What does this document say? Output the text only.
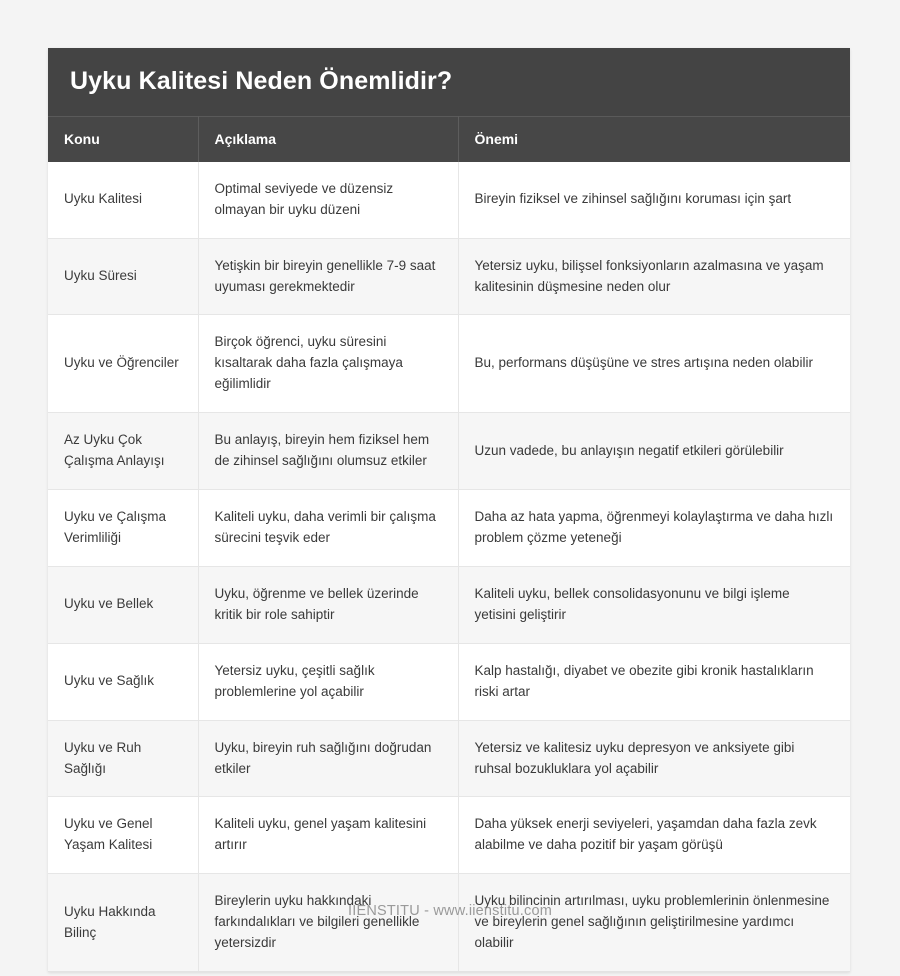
Uyku Kalitesi Neden Önemlidir?
Konu	Açıklama	Önemi
Uyku Kalitesi	Optimal seviyede ve düzensiz olmayan bir uyku düzeni	Bireyin fiziksel ve zihinsel sağlığını koruması için şart
Uyku Süresi	Yetişkin bir bireyin genellikle 7-9 saat uyuması gerekmektedir	Yetersiz uyku, bilişsel fonksiyonların azalmasına ve yaşam kalitesinin düşmesine neden olur
Uyku ve Öğrenciler	Birçok öğrenci, uyku süresini kısaltarak daha fazla çalışmaya eğilimlidir	Bu, performans düşüşüne ve stres artışına neden olabilir
Az Uyku Çok Çalışma Anlayışı	Bu anlayış, bireyin hem fiziksel hem de zihinsel sağlığını olumsuz etkiler	Uzun vadede, bu anlayışın negatif etkileri görülebilir
Uyku ve Çalışma Verimliliği	Kaliteli uyku, daha verimli bir çalışma sürecini teşvik eder	Daha az hata yapma, öğrenmeyi kolaylaştırma ve daha hızlı problem çözme yeteneği
Uyku ve Bellek	Uyku, öğrenme ve bellek üzerinde kritik bir role sahiptir	Kaliteli uyku, bellek consolidasyonunu ve bilgi işleme yetisini geliştirir
Uyku ve Sağlık	Yetersiz uyku, çeşitli sağlık problemlerine yol açabilir	Kalp hastalığı, diyabet ve obezite gibi kronik hastalıkların riski artar
Uyku ve Ruh Sağlığı	Uyku, bireyin ruh sağlığını doğrudan etkiler	Yetersiz ve kalitesiz uyku depresyon ve anksiyete gibi ruhsal bozukluklara yol açabilir
Uyku ve Genel Yaşam Kalitesi	Kaliteli uyku, genel yaşam kalitesini artırır	Daha yüksek enerji seviyeleri, yaşamdan daha fazla zevk alabilme ve daha pozitif bir yaşam görüşü
Uyku Hakkında Bilinç	Bireylerin uyku hakkındaki farkındalıkları ve bilgileri genellikle yetersizdir	Uyku bilincinin artırılması, uyku problemlerinin önlenmesine ve bireylerin genel sağlığının geliştirilmesine yardımcı olabilir
IIENSTITU - www.iienstitu.com
